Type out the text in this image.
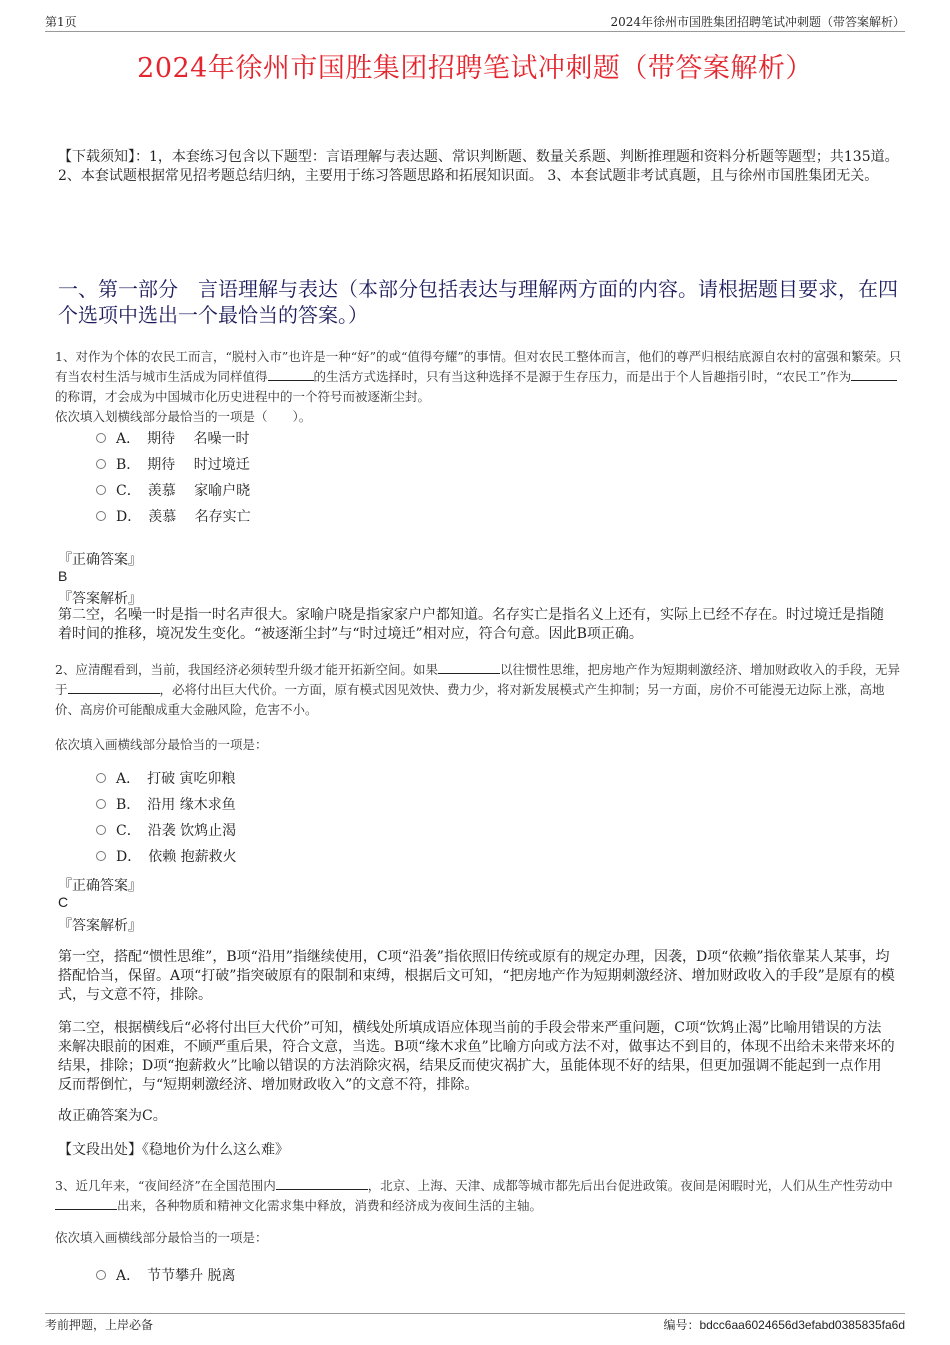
第1页	2024年徐州市国胜集团招聘笔试冲刺题（带答案解析）
2024年徐州市国胜集团招聘笔试冲刺题（带答案解析）
【下载须知】：1，本套练习包含以下题型：言语理解与表达题、常识判断题、数量关系题、判断推理题和资料分析题等题型；共135道。 2、本套试题根据常见招考题总结归纳，主要用于练习答题思路和拓展知识面。 3、本套试题非考试真题，且与徐州市国胜集团无关。
一、第一部分　言语理解与表达（本部分包括表达与理解两方面的内容。请根据题目要求，在四个选项中选出一个最恰当的答案。）
1、对作为个体的农民工而言，“脱村入市”也许是一种“好”的或“值得夸耀”的事情。但对农民工整体而言，他们的尊严归根结底源自农村的富强和繁荣。只有当农村生活与城市生活成为同样值得	的生活方式选择时，只有当这种选择不是源于生存压力，而是出于个人旨趣指引时，“农民工”作为的称谓，才会成为中国城市化历史进程中的一个符号而被逐渐尘封。
依次填入划横线部分最恰当的一项是（　　）。
A．　期待　 名噪一时
B．　期待　 时过境迁
C．　羡慕　 家喻户晓
D．　羡慕　 名存实亡
『正确答案』
B
『答案解析』
第二空，名噪一时是指一时名声很大。家喻户晓是指家家户户都知道。名存实亡是指名义上还有，实际上已经不存在。时过境迁是指随着时间的推移，境况发生变化。“被逐渐尘封”与“时过境迁”相对应，符合句意。因此B项正确。
2、应清醒看到，当前，我国经济必须转型升级才能开拓新空间。如果	以往惯性思维，把房地产作为短期刺激经济、增加财政收入的手段，无异于	，必将付出巨大代价。一方面，原有模式因见效快、费力少，将对新发展模式产生抑制；另一方面，房价不可能漫无边际上涨，高地价、高房价可能酿成重大金融风险，危害不小。
依次填入画横线部分最恰当的一项是：
A．　打破 寅吃卯粮
B．　沿用 缘木求鱼
C．　沿袭 饮鸩止渴
D．　依赖 抱薪救火
『正确答案』
C
『答案解析』
第一空，搭配“惯性思维”，B项“沿用”指继续使用，C项“沿袭”指依照旧传统或原有的规定办理，因袭，D项“依赖”指依靠某人某事，均搭配恰当，保留。A项“打破”指突破原有的限制和束缚，根据后文可知，“把房地产作为短期刺激经济、增加财政收入的手段”是原有的模式，与文意不符，排除。
第二空，根据横线后“必将付出巨大代价”可知，横线处所填成语应体现当前的手段会带来严重问题，C项“饮鸩止渴”比喻用错误的方法来解决眼前的困难，不顾严重后果，符合文意，当选。B项“缘木求鱼”比喻方向或方法不对，做事达不到目的，体现不出给未来带来坏的结果，排除；D项“抱薪救火”比喻以错误的方法消除灾祸，结果反而使灾祸扩大，虽能体现不好的结果，但更加强调不能起到一点作用反而帮倒忙，与“短期刺激经济、增加财政收入”的文意不符，排除。
故正确答案为C。
【文段出处】《稳地价为什么这么难》
3、近几年来，“夜间经济”在全国范围内	，北京、上海、天津、成都等城市都先后出台促进政策。夜间是闲暇时光，人们从生产性劳动中出来，各种物质和精神文化需求集中释放，消费和经济成为夜间生活的主轴。
依次填入画横线部分最恰当的一项是：
A．　节节攀升 脱离
考前押题，上岸必备	编号：bdcc6aa6024656d3efabd0385835fa6d
